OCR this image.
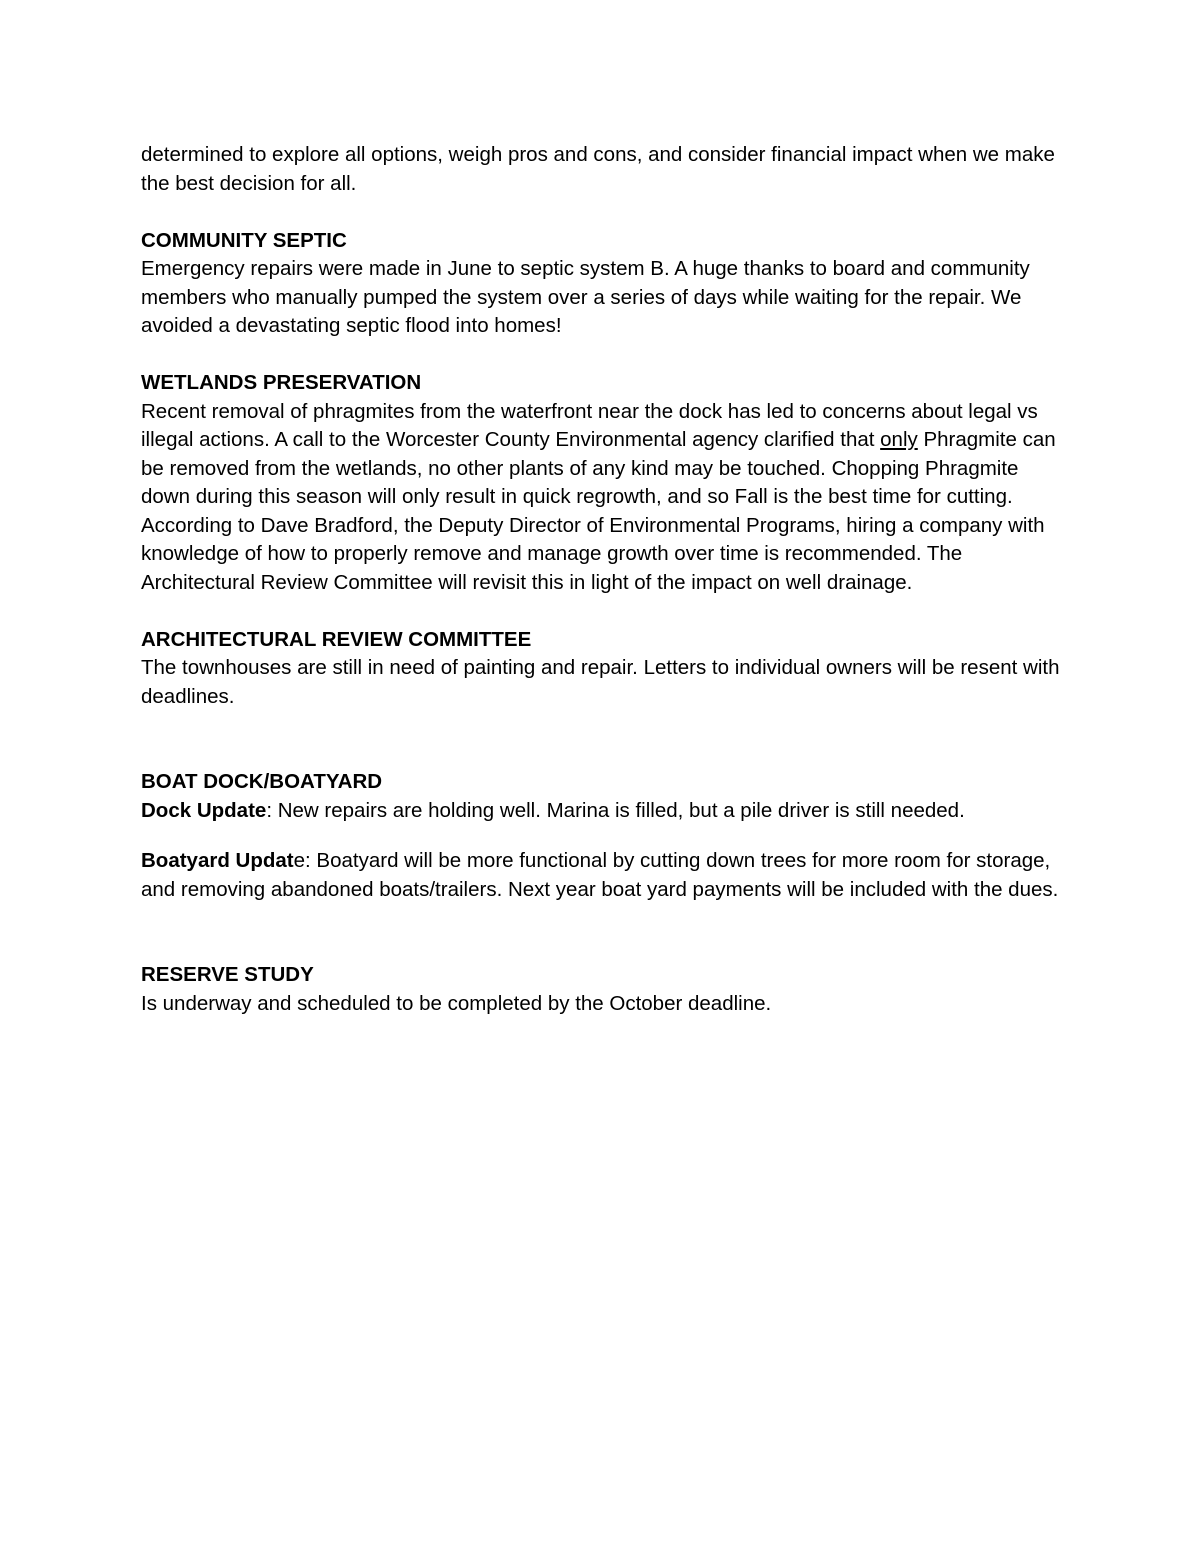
determined to explore all options, weigh pros and cons, and consider financial impact when we make the best decision for all.

COMMUNITY SEPTIC

Emergency repairs were made in June to septic system B. A huge thanks to board and community  members who manually pumped the system over a series of days while waiting for the repair. We avoided a devastating septic flood into homes!

WETLANDS PRESERVATION

Recent removal of phragmites from the waterfront near the dock has led to concerns about legal vs illegal actions. A call to the Worcester County Environmental agency clarified that only Phragmite can be removed from the wetlands, no other plants of any kind may be touched. Chopping Phragmite down during this season will only result in quick regrowth, and so Fall is the best time for cutting. According to Dave Bradford, the Deputy Director of Environmental Programs, hiring a company with knowledge of how to properly remove and manage growth over time is recommended. The Architectural Review Committee will revisit this in light of the impact on well drainage.

ARCHITECTURAL REVIEW COMMITTEE

The townhouses are still in need of painting and repair. Letters to individual owners will be resent with deadlines.

BOAT DOCK/BOATYARD

Dock Update: New repairs are holding well. Marina is filled, but a pile driver is still needed.

Boatyard Update: Boatyard will be more functional by cutting down trees for more room for storage, and removing abandoned boats/trailers. Next year boat yard payments will be included with the dues.

RESERVE STUDY

Is underway and scheduled to be completed by the October deadline.
